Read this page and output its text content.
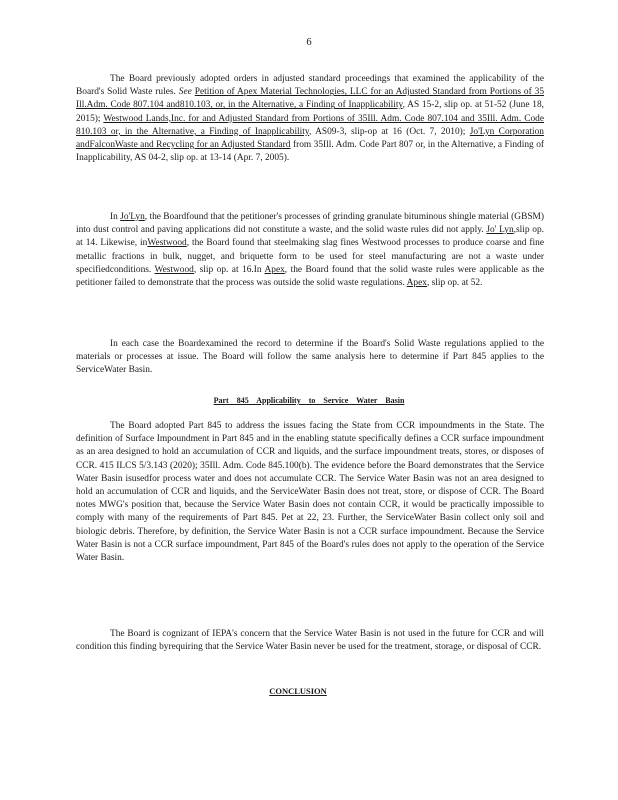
6

The Board previously adopted orders in adjusted standard proceedings that examined the applicability of the Board's Solid Waste rules. See Petition of Apex Material Technologies, LLC for an Adjusted Standard from Portions of 35 Ill.Adm. Code 807.104 and810.103, or, in the Alternative, a Finding of Inapplicability, AS 15-2, slip op. at 51-52 (June 18, 2015); Westwood Lands,Inc. for and Adjusted Standard from Portions of 35Ill. Adm. Code 807.104 and 35Ill. Adm. Code 810.103 or, in the Alternative, a Finding of Inapplicability, AS09-3, slip-op at 16 (Oct. 7, 2010); Jo'Lyn Corporation andFalconWaste and Recycling for an Adjusted Standard from 35Ill. Adm. Code Part 807 or, in the Alternative, a Finding of Inapplicability, AS 04-2, slip op. at 13-14 (Apr. 7, 2005).

In Jo'Lyn, the Boardfound that the petitioner's processes of grinding granulate bituminous shingle material (GBSM) into dust control and paving applications did not constitute a waste, and the solid waste rules did not apply. Jo' Lyn,slip op. at 14. Likewise, inWestwood, the Board found that steelmaking slag fines Westwood processes to produce coarse and fine metallic fractions in bulk, nugget, and briquette form to be used for steel manufacturing are not a waste under specifiedconditions. Westwood, slip op. at 16.In Apex, the Board found that the solid waste rules were applicable as the petitioner failed to demonstrate that the process was outside the solid waste regulations. Apex, slip op. at 52.

In each case the Boardexamined the record to determine if the Board's Solid Waste regulations applied to the materials or processes at issue. The Board will follow the same analysis here to determine if Part 845 applies to the ServiceWater Basin.

Part 845 Applicability to Service Water Basin

The Board adopted Part 845 to address the issues facing the State from CCR impoundments in the State. The definition of Surface Impoundment in Part 845 and in the enabling statute specifically defines a CCR surface impoundment as an area designed to hold an accumulation of CCR and liquids, and the surface impoundment treats, stores, or disposes of CCR. 415 ILCS 5/3.143 (2020); 35Ill. Adm. Code 845.100(b). The evidence before the Board demonstrates that the Service Water Basin isusedfor process water and does not accumulate CCR. The Service Water Basin was not an area designed to hold an accumulation of CCR and liquids, and the ServiceWater Basin does not treat, store, or dispose of CCR. The Board notes MWG's position that, because the Service Water Basin does not contain CCR, it would be practically impossible to comply with many of the requirements of Part 845. Pet at 22, 23. Further, the ServiceWater Basin collect only soil and biologic debris. Therefore, by definition, the Service Water Basin is not a CCR surface impoundment. Because the Service Water Basin is not a CCR surface impoundment, Part 845 of the Board's rules does not apply to the operation of the Service Water Basin.

The Board is cognizant of IEPA's concern that the Service Water Basin is not used in the future for CCR and will condition this finding byrequiring that the Service Water Basin never be used for the treatment, storage, or disposal of CCR.

CONCLUSION
